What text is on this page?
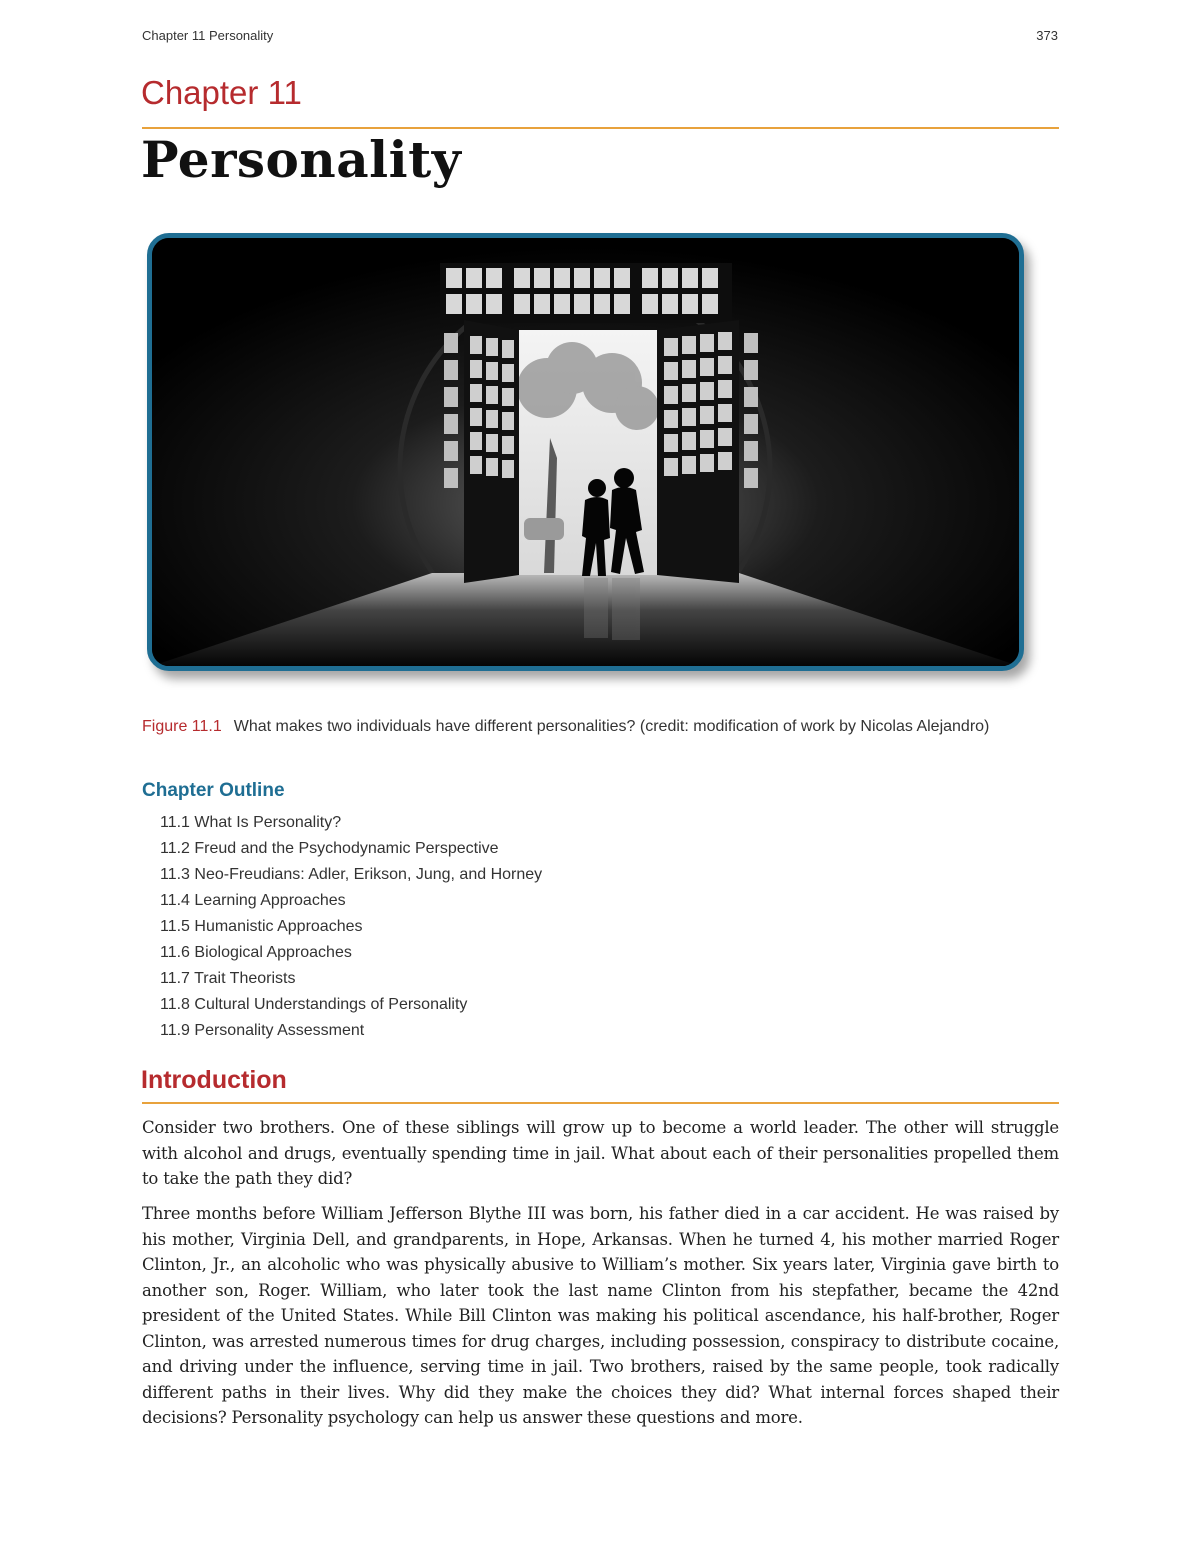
Chapter 11 Personality	373
Chapter 11
Personality
Figure 11.1 What makes two individuals have different personalities? (credit: modification of work by Nicolas Alejandro)
Chapter Outline
11.1 What Is Personality?
11.2 Freud and the Psychodynamic Perspective
11.3 Neo-Freudians: Adler, Erikson, Jung, and Horney
11.4 Learning Approaches
11.5 Humanistic Approaches
11.6 Biological Approaches
11.7 Trait Theorists
11.8 Cultural Understandings of Personality
11.9 Personality Assessment
Introduction

Consider two brothers. One of these siblings will grow up to become a world leader. The other will struggle with alcohol and drugs, eventually spending time in jail. What about each of their personalities propelled them to take the path they did?

Three months before William Jefferson Blythe III was born, his father died in a car accident. He was raised by his mother, Virginia Dell, and grandparents, in Hope, Arkansas. When he turned 4, his mother married Roger Clinton, Jr., an alcoholic who was physically abusive to William’s mother. Six years later, Virginia gave birth to another son, Roger. William, who later took the last name Clinton from his stepfather, became the 42nd president of the United States. While Bill Clinton was making his political ascendance, his half-brother, Roger Clinton, was arrested numerous times for drug charges, including possession, conspiracy to distribute cocaine, and driving under the influence, serving time in jail. Two brothers, raised by the same people, took radically different paths in their lives. Why did they make the choices they did? What internal forces shaped their decisions? Personality psychology can help us answer these questions and more.
